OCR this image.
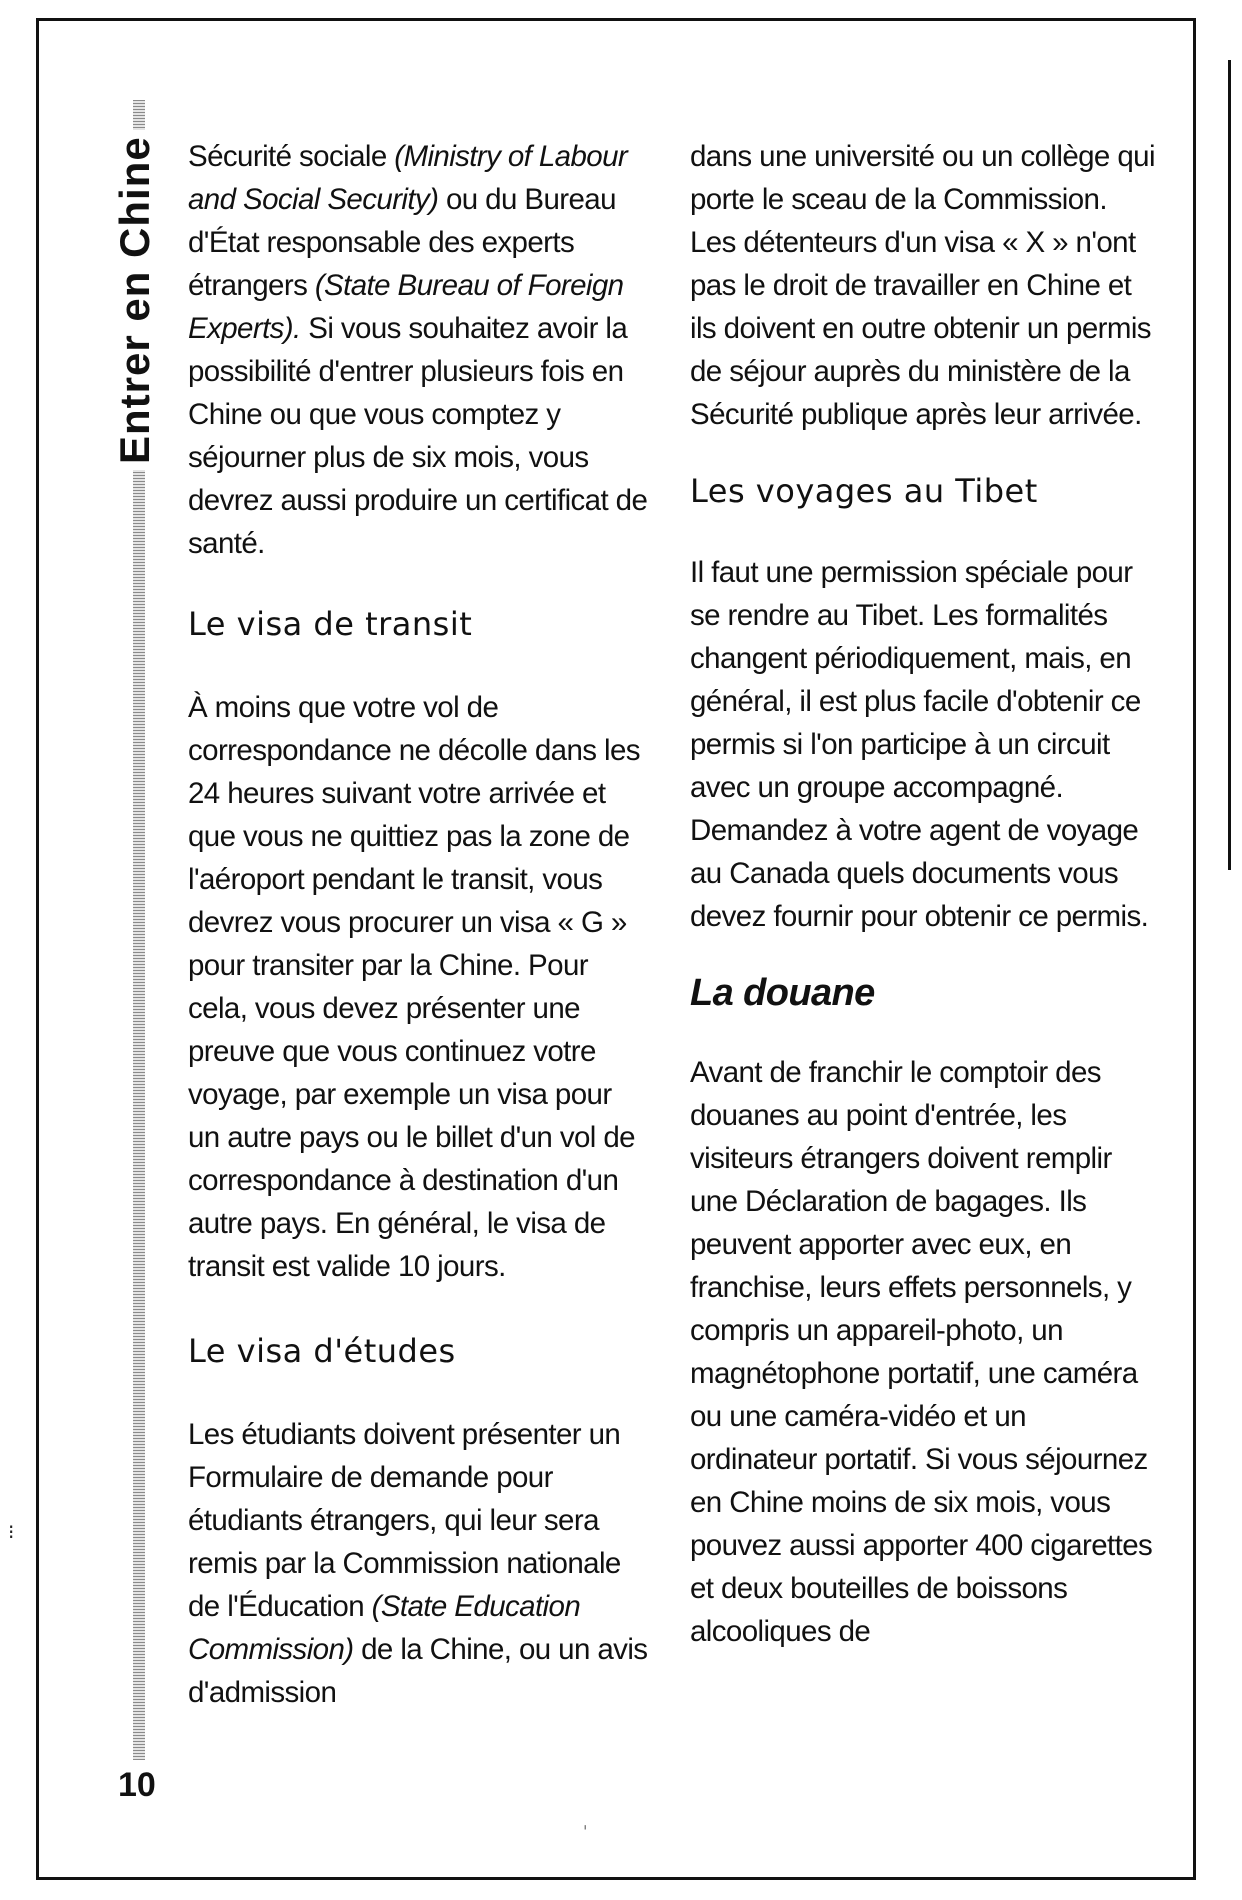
⁝
Entrer en Chine
10

Sécurité sociale (Ministry of Labour and Social Security) ou du Bureau d'État responsable des experts étrangers (State Bureau of Foreign Experts). Si vous souhaitez avoir la possibilité d'entrer plusieurs fois en Chine ou que vous comptez y séjourner plus de six mois, vous devrez aussi produire un certificat de santé.

Le visa de transit

À moins que votre vol de correspondance ne décolle dans les 24 heures suivant votre arrivée et que vous ne quittiez pas la zone de l'aéroport pendant le transit, vous devrez vous procurer un visa « G » pour transiter par la Chine. Pour cela, vous devez présenter une preuve que vous continuez votre voyage, par exemple un visa pour un autre pays ou le billet d'un vol de correspondance à destination d'un autre pays. En général, le visa de transit est valide 10 jours.

Le visa d'études

Les étudiants doivent présenter un Formulaire de demande pour étudiants étrangers, qui leur sera remis par la Commission nationale de l'Éducation (State Education Commission) de la Chine, ou un avis d'admission

dans une université ou un collège qui porte le sceau de la Commission. Les détenteurs d'un visa « X » n'ont pas le droit de travailler en Chine et ils doivent en outre obtenir un permis de séjour auprès du ministère de la Sécurité publique après leur arrivée.

Les voyages au Tibet

Il faut une permission spéciale pour se rendre au Tibet. Les formalités changent périodiquement, mais, en général, il est plus facile d'obtenir ce permis si l'on participe à un circuit avec un groupe accompagné. Demandez à votre agent de voyage au Canada quels documents vous devez fournir pour obtenir ce permis.

La douane

Avant de franchir le comptoir des douanes au point d'entrée, les visiteurs étrangers doivent remplir une Déclaration de bagages. Ils peuvent apporter avec eux, en franchise, leurs effets personnels, y compris un appareil-photo, un magnétophone portatif, une caméra ou une caméra-vidéo et un ordinateur portatif. Si vous séjournez en Chine moins de six mois, vous pouvez aussi apporter 400 cigarettes et deux bouteilles de boissons alcooliques de

ˌ
